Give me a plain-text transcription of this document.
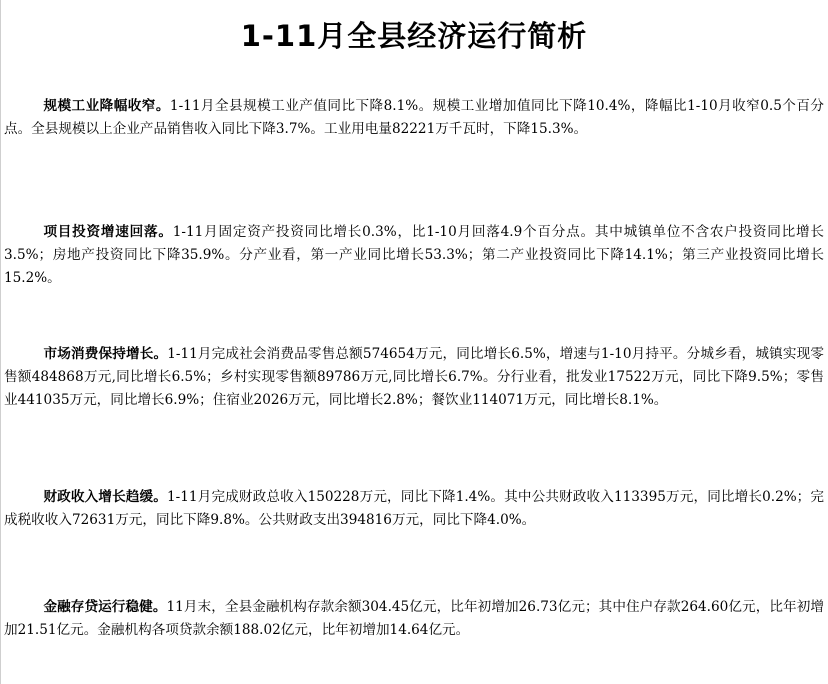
1-11月全县经济运行简析

规模工业降幅收窄。1-11月全县规模工业产值同比下降8.1%。规模工业增加值同比下降10.4%，降幅比1-10月收窄0.5个百分点。全县规模以上企业产品销售收入同比下降3.7%。工业用电量82221万千瓦时，下降15.3%。

项目投资增速回落。1-11月固定资产投资同比增长0.3%，比1-10月回落4.9个百分点。其中城镇单位不含农户投资同比增长3.5%；房地产投资同比下降35.9%。分产业看，第一产业同比增长53.3%；第二产业投资同比下降14.1%；第三产业投资同比增长15.2%。

市场消费保持增长。1-11月完成社会消费品零售总额574654万元，同比增长6.5%，增速与1-10月持平。分城乡看，城镇实现零售额484868万元,同比增长6.5%；乡村实现零售额89786万元,同比增长6.7%。分行业看，批发业17522万元，同比下降9.5%；零售业441035万元，同比增长6.9%；住宿业2026万元，同比增长2.8%；餐饮业114071万元，同比增长8.1%。

财政收入增长趋缓。1-11月完成财政总收入150228万元，同比下降1.4%。其中公共财政收入113395万元，同比增长0.2%；完成税收收入72631万元，同比下降9.8%。公共财政支出394816万元，同比下降4.0%。

金融存贷运行稳健。11月末，全县金融机构存款余额304.45亿元，比年初增加26.73亿元；其中住户存款264.60亿元，比年初增加21.51亿元。金融机构各项贷款余额188.02亿元，比年初增加14.64亿元。
